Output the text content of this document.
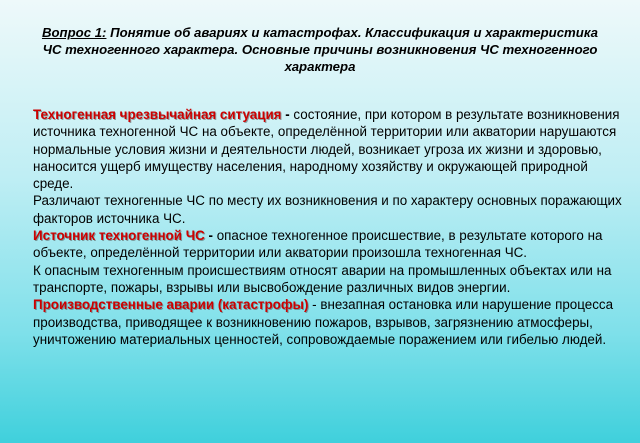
Вопрос 1: Понятие об авариях и катастрофах. Классификация и характеристика ЧС техногенного характера. Основные причины возникновения ЧС техногенного характера

Техногенная чрезвычайная ситуация - состояние, при котором в результате возникновения источника техногенной ЧС на объекте, определённой территории или акватории нарушаются нормальные условия жизни и деятельности людей, возникает угроза их жизни и здоровью, наносится ущерб имуществу населения, народному хозяйству и окружающей природной среде.

Различают техногенные ЧС по месту их возникновения и по характеру основных поражающих факторов источника ЧС.

Источник техногенной ЧС - опасное техногенное происшествие, в результате которого на объекте, определённой территории или акватории произошла техногенная ЧС.

К опасным техногенным происшествиям относят аварии на промышленных объектах или на транспорте, пожары, взрывы или высвобождение различных видов энергии.

Производственные аварии (катастрофы) - внезапная остановка или нарушение процесса производства, приводящее к возникновению пожаров, взрывов, загрязнению атмосферы, уничтожению материальных ценностей, сопровождаемые поражением или гибелью людей.
